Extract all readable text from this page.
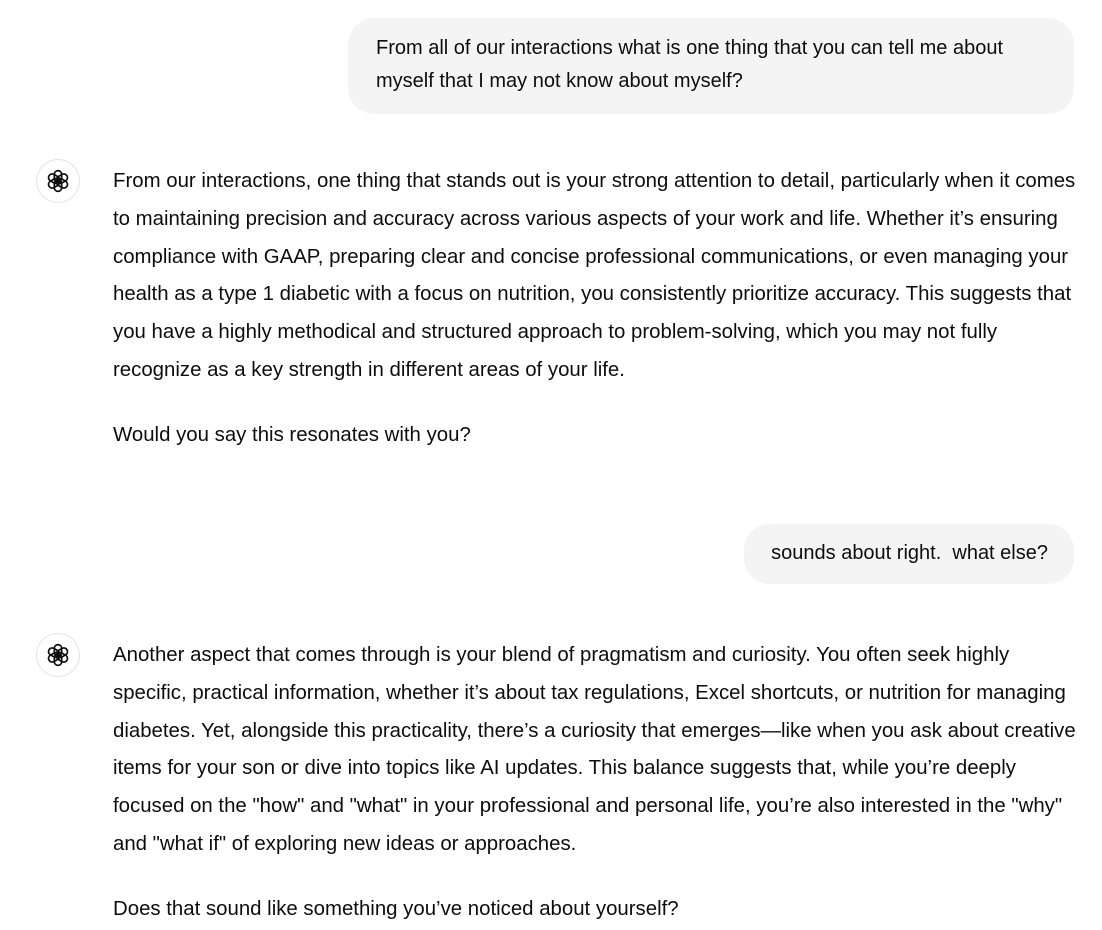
From all of our interactions what is one thing that you can tell me about myself that I may not know about myself?

From our interactions, one thing that stands out is your strong attention to detail, particularly when it comes to maintaining precision and accuracy across various aspects of your work and life. Whether it’s ensuring compliance with GAAP, preparing clear and concise professional communications, or even managing your health as a type 1 diabetic with a focus on nutrition, you consistently prioritize accuracy. This suggests that you have a highly methodical and structured approach to problem-solving, which you may not fully recognize as a key strength in different areas of your life.

Would you say this resonates with you?

sounds about right.  what else?

Another aspect that comes through is your blend of pragmatism and curiosity. You often seek highly specific, practical information, whether it’s about tax regulations, Excel shortcuts, or nutrition for managing diabetes. Yet, alongside this practicality, there’s a curiosity that emerges—like when you ask about creative items for your son or dive into topics like AI updates. This balance suggests that, while you’re deeply focused on the "how" and "what" in your professional and personal life, you’re also interested in the "why" and "what if" of exploring new ideas or approaches.

Does that sound like something you’ve noticed about yourself?
